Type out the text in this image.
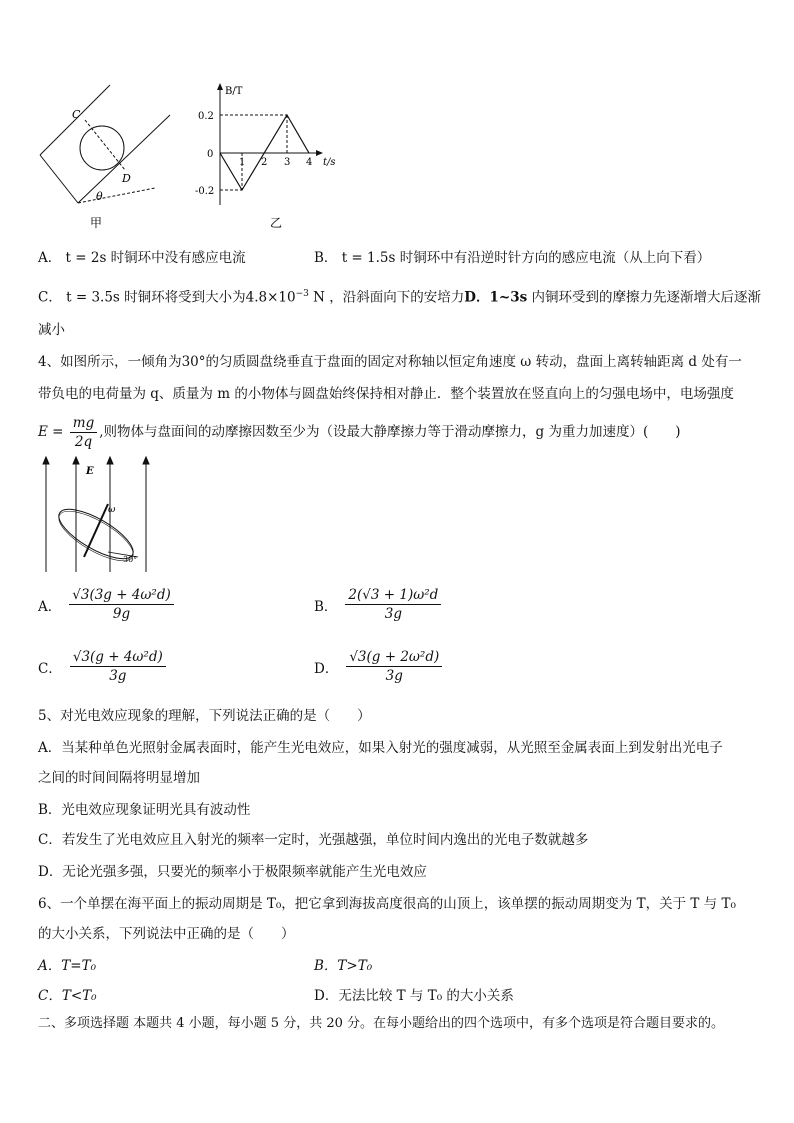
C
D
θ
甲
B/T
t/s
0.2
0
-0.2
1 2 3 4
乙
A． t = 2s 时铜环中没有感应电流	B． t = 1.5s 时铜环中有沿逆时针方向的感应电流（从上向下看）
C． t = 3.5s 时铜环将受到大小为$4.8\times 10^{-3}$ N ，沿斜面向下的安培力D．1~3s 内铜环受到的摩擦力先逐渐增大后逐渐
减小
4、如图所示，一倾角为30°的匀质圆盘绕垂直于盘面的固定对称轴以恒定角速度 ω 转动，盘面上离转轴距离 d 处有一
带负电的电荷量为 q、质量为 m 的小物体与圆盘始终保持相对静止．整个装置放在竖直向上的匀强电场中，电场强度
$E = \frac{mg}{2q}$ ,则物体与盘面间的动摩擦因数至少为（设最大静摩擦力等于滑动摩擦力，g 为重力加速度）(　　)
E
ω
30°
A． $\frac{\text{√3(3g + 4ω²d)}}{9g}$	B． $\frac{\text{2(√3 + 1)ω²d}}{3g}$
C． $\frac{\text{√3(g + 4ω²d)}}{3g}$	D． $\frac{\text{√3(g + 2ω²d)}}{3g}$
5、对光电效应现象的理解，下列说法正确的是（　　）
A．当某种单色光照射金属表面时，能产生光电效应，如果入射光的强度减弱，从光照至金属表面上到发射出光电子
之间的时间间隔将明显增加
B．光电效应现象证明光具有波动性
C．若发生了光电效应且入射光的频率一定时，光强越强，单位时间内逸出的光电子数就越多
D．无论光强多强，只要光的频率小于极限频率就能产生光电效应
6、一个单摆在海平面上的振动周期是 T₀，把它拿到海拔高度很高的山顶上，该单摆的振动周期变为 T，关于 T 与 T₀
的大小关系，下列说法中正确的是（　　）
A．T=T₀	B．T>T₀
C．T<T₀	D．无法比较 T 与 T₀ 的大小关系
二、多项选择题 本题共 4 小题，每小题 5 分，共 20 分。在每小题给出的四个选项中，有多个选项是符合题目要求的。
